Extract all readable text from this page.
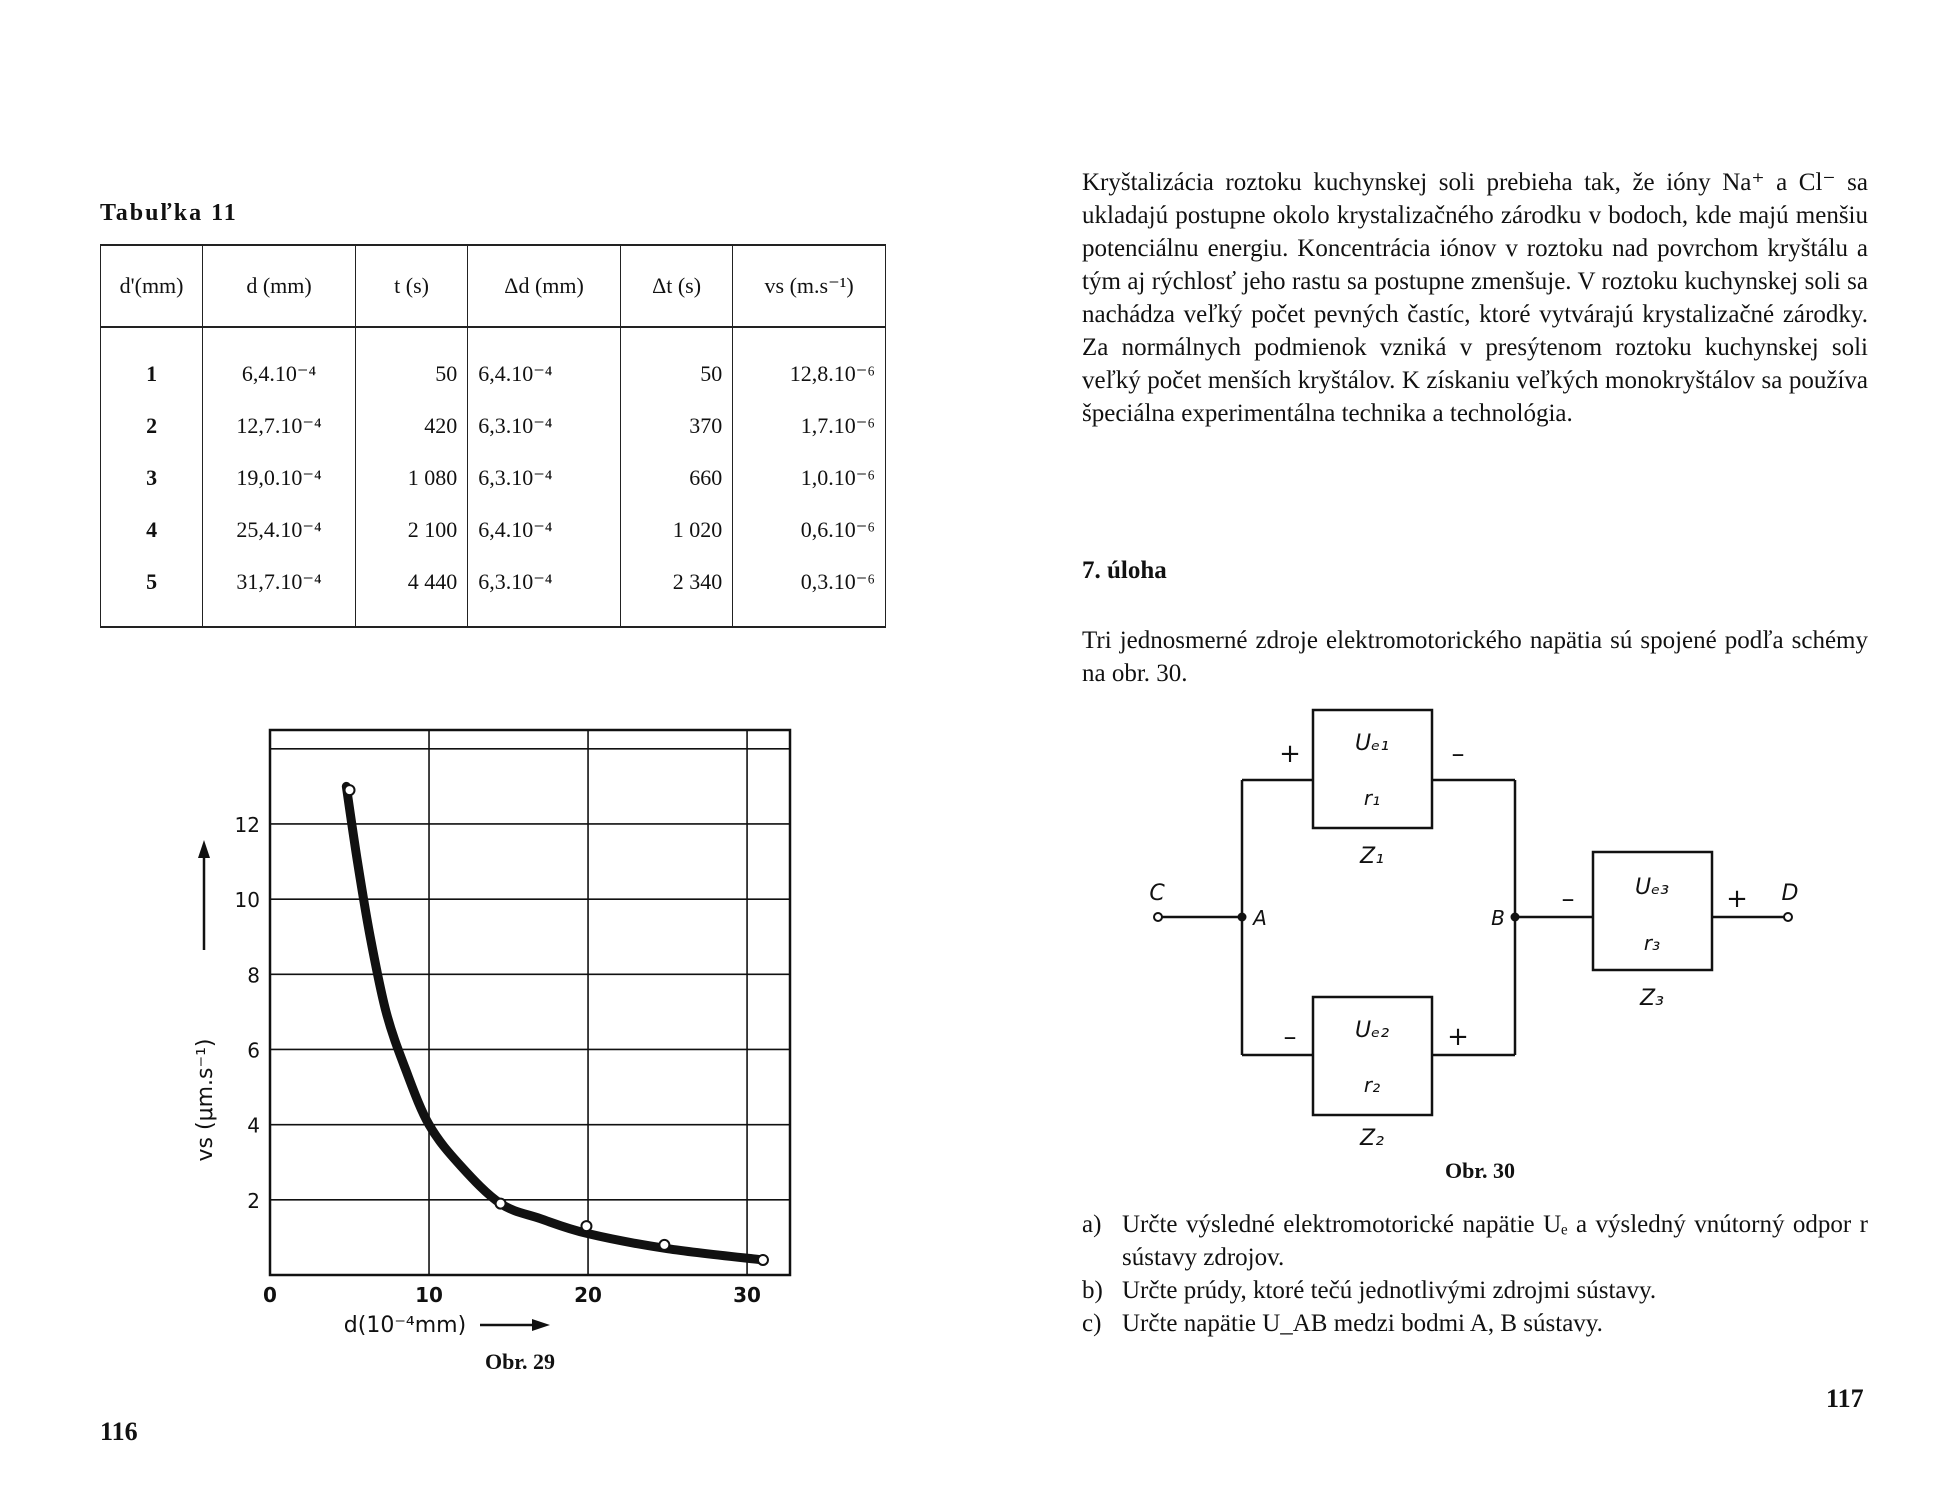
Tabuľka 11
d'(mm)	d (mm)	t (s)	Δd (mm)	Δt (s)	vs (m.s⁻¹)
1	6,4.10⁻⁴	50	6,4.10⁻⁴	50	12,8.10⁻⁶
2	12,7.10⁻⁴	420	6,3.10⁻⁴	370	1,7.10⁻⁶
3	19,0.10⁻⁴	1 080	6,3.10⁻⁴	660	1,0.10⁻⁶
4	25,4.10⁻⁴	2 100	6,4.10⁻⁴	1 020	0,6.10⁻⁶
5	31,7.10⁻⁴	4 440	6,3.10⁻⁴	2 340	0,3.10⁻⁶
2
4
6
8
10
12
0	10	20	30
vs (μm.s⁻¹)
d(10⁻⁴mm)
Obr. 29
116

Kryštalizácia roztoku kuchynskej soli prebieha tak, že ióny Na⁺ a Cl⁻ sa ukladajú postupne okolo krystalizačného zárodku v bodoch, kde majú menšiu potenciálnu energiu. Koncentrácia iónov v roztoku nad povrchom kryštálu a tým aj rýchlosť jeho rastu sa postupne zmenšuje. V roztoku kuchynskej soli sa nachádza veľký počet pevných častíc, ktoré vytvárajú krystalizačné zárodky. Za normálnych podmienok vzniká v presýtenom roztoku kuchynskej soli veľký počet menších kryštálov. K získaniu veľkých monokryštálov sa používa špeciálna experimentálna technika a technológia.

7. úloha

Tri jednosmerné zdroje elektromotorického napätia sú spojené podľa schémy na obr. 30.

Uₑ₁
r₁
Z₁
+	–
Uₑ₂
r₂
Z₂
–	+
Uₑ₃
r₃
Z₃
–	+
C
A	B
D
Obr. 30
a) Určte výsledné elektromotorické napätie Uₑ a výsledný vnútorný odpor r sústavy zdrojov.
b) Určte prúdy, ktoré tečú jednotlivými zdrojmi sústavy.
c) Určte napätie U_AB medzi bodmi A, B sústavy.
117
